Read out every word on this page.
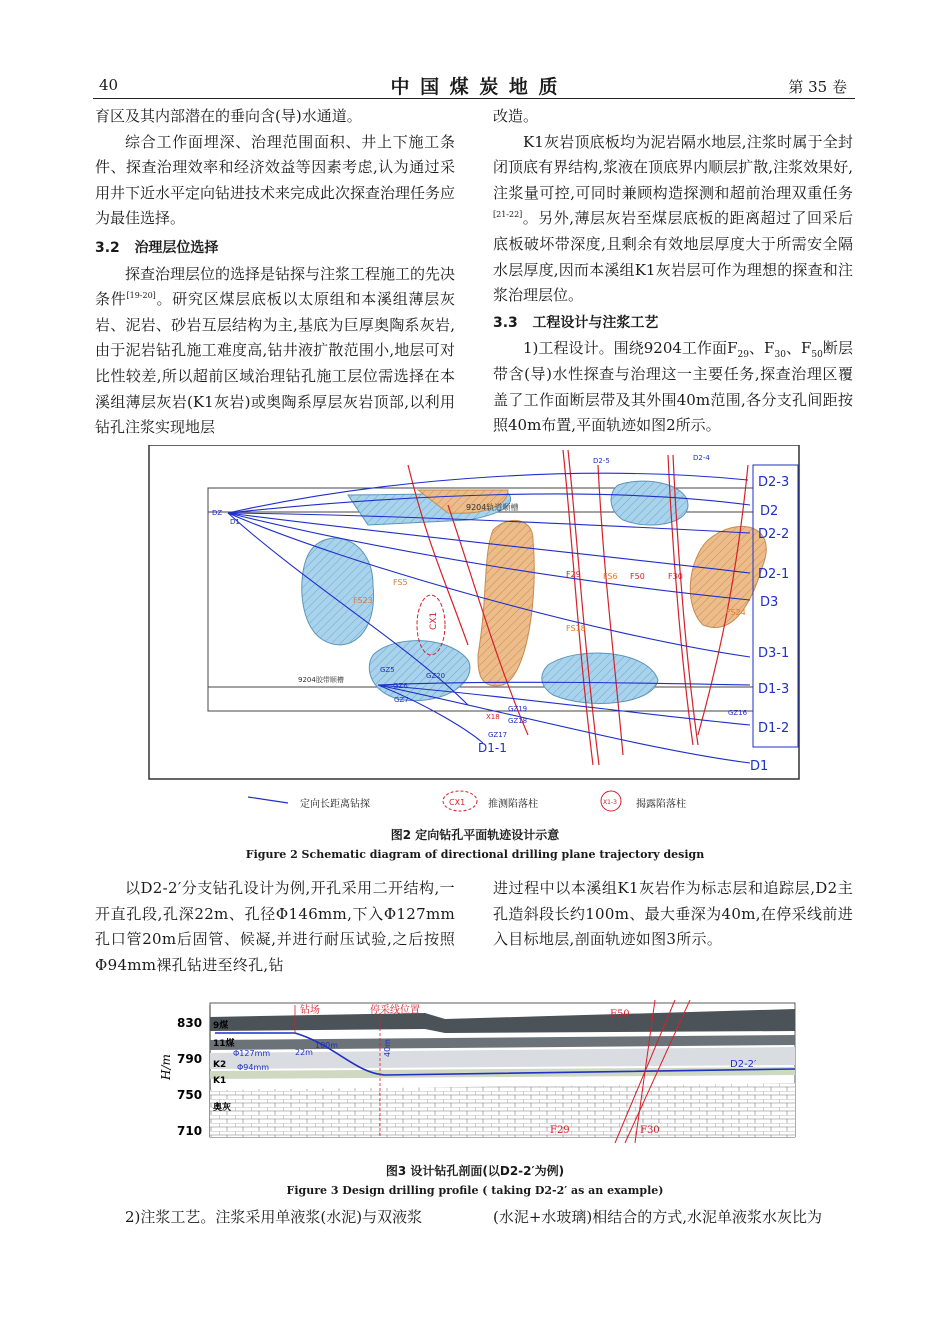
40	中 国 煤 炭 地 质	第 35 卷

育区及其内部潜在的垂向含(导)水通道。

综合工作面埋深、治理范围面积、井上下施工条件、探查治理效率和经济效益等因素考虑,认为通过采用井下近水平定向钻进技术来完成此次探查治理任务应为最佳选择。

3.2 治理层位选择

探查治理层位的选择是钻探与注浆工程施工的先决条件[19-20]。研究区煤层底板以太原组和本溪组薄层灰岩、泥岩、砂岩互层结构为主,基底为巨厚奥陶系灰岩,由于泥岩钻孔施工难度高,钻井液扩散范围小,地层可对比性较差,所以超前区域治理钻孔施工层位需选择在本溪组薄层灰岩(K1灰岩)或奥陶系厚层灰岩顶部,以利用钻孔注浆实现地层

改造。

K1灰岩顶底板均为泥岩隔水地层,注浆时属于全封闭顶底有界结构,浆液在顶底界内顺层扩散,注浆效果好,注浆量可控,可同时兼顾构造探测和超前治理双重任务[21-22]。另外,薄层灰岩至煤层底板的距离超过了回采后底板破坏带深度,且剩余有效地层厚度大于所需安全隔水层厚度,因而本溪组K1灰岩层可作为理想的探查和注浆治理层位。

3.3 工程设计与注浆工艺

1)工程设计。围绕9204工作面$F_{29}$、$F_{30}$、$F_{50}$断层带含(导)水性探查与治理这一主要任务,探查治理区覆盖了工作面断层带及其外围40m范围,各分支孔间距按照40m布置,平面轨迹如图2所示。

CX1
D2-3
D2
D2-2
D2-1
D3
D3-1
D1-3
D1-2
D1
D1-1
D2-5	D2-4
DZ
D1
9204胶带顺槽
9204轨道顺槽
F29	F30
F50
FS5
FS18
FS6
FS23
FS24
GZ5
GZ6
GZ7
GZ16
GZ17
GZ18
GZ19
GZ20
X18
定向长距离钻探	CX1 推测陷落柱	X1-3 揭露陷落柱
图2 定向钻孔平面轨迹设计示意
Figure 2 Schematic diagram of directional drilling plane trajectory design

以D2-2′分支钻孔设计为例,开孔采用二开结构,一开直孔段,孔深22m、孔径Φ146mm,下入Φ127mm孔口管20m后固管、候凝,并进行耐压试验,之后按照Φ94mm裸孔钻进至终孔,钻

进过程中以本溪组K1灰岩作为标志层和追踪层,D2主孔造斜段长约100m、最大垂深为40m,在停采线前进入目标地层,剖面轨迹如图3所示。

H/m
830
790
750
710
9煤
11煤
K2
K1
奥灰
钻场	停采线位置	F50
F29	F30
Φ127mm
Φ94mm
22m
100m	40m
D2-2′
图3 设计钻孔剖面(以D2-2′为例)
Figure 3 Design drilling profile ( taking D2-2′ as an example)

2)注浆工艺。注浆采用单液浆(水泥)与双液浆	(水泥+水玻璃)相结合的方式,水泥单液浆水灰比为
